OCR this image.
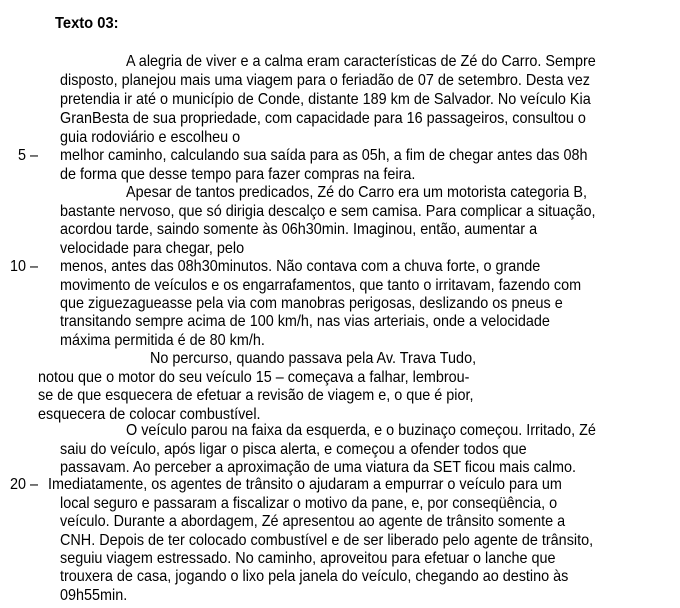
Texto 03:
A alegria de viver e a calma eram características de Zé do Carro. Sempre
disposto, planejou mais uma viagem para o feriadão de 07 de setembro. Desta vez
pretendia ir até o município de Conde, distante 189 km de Salvador. No veículo Kia
GranBesta de sua propriedade, com capacidade para 16 passageiros, consultou o
guia rodoviário e escolheu o
melhor caminho, calculando sua saída para as 05h, a fim de chegar antes das 08h
de forma que desse tempo para fazer compras na feira.
Apesar de tantos predicados, Zé do Carro era um motorista categoria B,
bastante nervoso, que só dirigia descalço e sem camisa. Para complicar a situação,
acordou tarde, saindo somente às 06h30min. Imaginou, então, aumentar a
velocidade para chegar, pelo
menos, antes das 08h30minutos. Não contava com a chuva forte, o grande
movimento de veículos e os engarrafamentos, que tanto o irritavam, fazendo com
que ziguezagueasse pela via com manobras perigosas, deslizando os pneus e
transitando sempre acima de 100 km/h, nas vias arteriais, onde a velocidade
máxima permitida é de 80 km/h.
No percurso, quando passava pela Av. Trava Tudo,
notou que o motor do seu veículo 15 – começava a falhar, lembrou-
se de que esquecera de efetuar a revisão de viagem e, o que é pior,
esquecera de colocar combustível.
O veículo parou na faixa da esquerda, e o buzinaço começou. Irritado, Zé
saiu do veículo, após ligar o pisca alerta, e começou a ofender todos que
passavam. Ao perceber a aproximação de uma viatura da SET ficou mais calmo.
Imediatamente, os agentes de trânsito o ajudaram a empurrar o veículo para um
local seguro e passaram a fiscalizar o motivo da pane, e, por conseqüência, o
veículo. Durante a abordagem, Zé apresentou ao agente de trânsito somente a
CNH. Depois de ter colocado combustível e de ser liberado pelo agente de trânsito,
seguiu viagem estressado. No caminho, aproveitou para efetuar o lanche que
trouxera de casa, jogando o lixo pela janela do veículo, chegando ao destino às
09h55min.
5 –
10 –
20 –
